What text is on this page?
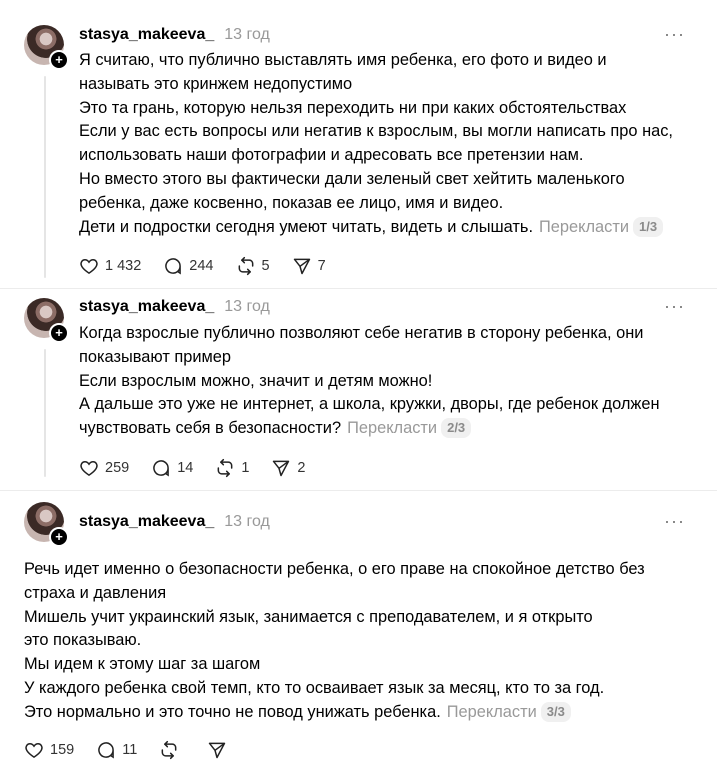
+
stasya_makeeva_ 13 год	···
Я считаю, что публично выставлять имя ребенка, его фото и видео и
называть это кринжем недопустимо
Это та грань, которую нельзя переходить ни при каких обстоятельствах
Если у вас есть вопросы или негатив к взрослым, вы могли написать про нас,
использовать наши фотографии и адресовать все претензии нам.
Но вместо этого вы фактически дали зеленый свет хейтить маленького
ребенка, даже косвенно, показав ее лицо, имя и видео.
Дети и подростки сегодня умеют читать, видеть и слышать. Перекласти 1/3
1 432	244	5	7
+
stasya_makeeva_ 13 год	···
Когда взрослые публично позволяют себе негатив в сторону ребенка, они
показывают пример
Если взрослым можно, значит и детям можно!
А дальше это уже не интернет, а школа, кружки, дворы, где ребенок должен
чувствовать себя в безопасности? Перекласти 2/3
259	14	1	2
+
stasya_makeeva_ 13 год	···
Речь идет именно о безопасности ребенка, о его праве на спокойное детство без
страха и давления
Мишель учит украинский язык, занимается с преподавателем, и я открыто
это показываю.
Мы идем к этому шаг за шагом
У каждого ребенка свой темп, кто то осваивает язык за месяц, кто то за год.
Это нормально и это точно не повод унижать ребенка. Перекласти 3/3
159	11
